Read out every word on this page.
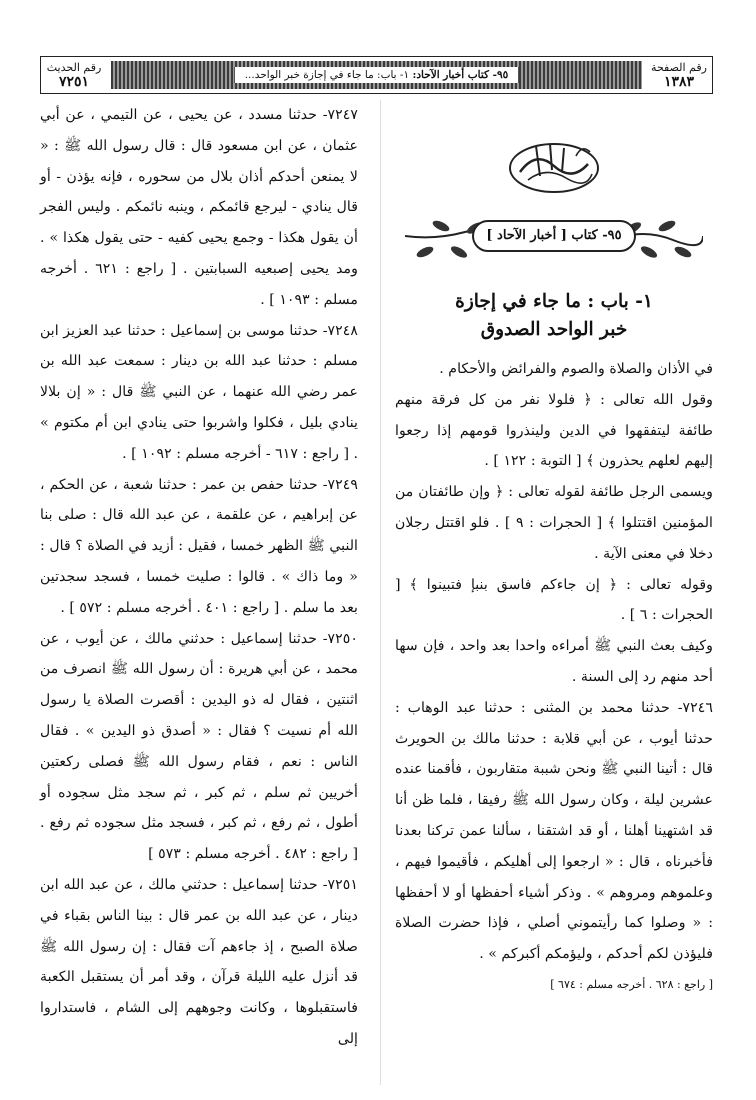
رقم الصفحة
١٣٨٣
٩٥- كتاب أخبار الآحاد: ١- باب: ما جاء في إجازة خبر الواحد...
رقم الحديث
٧٢٥١
٩٥- كتاب [ أخبار الآحاد ]
١- باب : ما جاء في إجازة
خبر الواحد الصدوق

في الأذان والصلاة والصوم والفرائض والأحكام .

وقول الله تعالى : ﴿ فلولا نفر من كل فرقة منهم طائفة ليتفقهوا في الدين ولينذروا قومهم إذا رجعوا إليهم لعلهم يحذرون ﴾ [ التوبة : ١٢٢ ] .

ويسمى الرجل طائفة لقوله تعالى : ﴿ وإن طائفتان من المؤمنين اقتتلوا ﴾ [ الحجرات : ٩ ] . فلو اقتتل رجلان دخلا في معنى الآية .

وقوله تعالى : ﴿ إن جاءكم فاسق بنبإ فتبينوا ﴾ [ الحجرات : ٦ ] .

وكيف بعث النبي ﷺ أمراءه واحدا بعد واحد ، فإن سها أحد منهم رد إلى السنة .

٧٢٤٦- حدثنا محمد بن المثنى : حدثنا عبد الوهاب : حدثنا أيوب ، عن أبي قلابة : حدثنا مالك بن الحويرث قال : أتينا النبي ﷺ ونحن شببة متقاربون ، فأقمنا عنده عشرين ليلة ، وكان رسول الله ﷺ رفيقا ، فلما ظن أنا قد اشتهينا أهلنا ، أو قد اشتقنا ، سألنا عمن تركنا بعدنا فأخبرناه ، قال : « ارجعوا إلى أهليكم ، فأقيموا فيهم ، وعلموهم ومروهم » . وذكر أشياء أحفظها أو لا أحفظها : « وصلوا كما رأيتموني أصلي ، فإذا حضرت الصلاة فليؤذن لكم أحدكم ، وليؤمكم أكبركم » .

[ راجع : ٦٢٨ . أخرجه مسلم : ٦٧٤ ]

٧٢٤٧- حدثنا مسدد ، عن يحيى ، عن التيمي ، عن أبي عثمان ، عن ابن مسعود قال : قال رسول الله ﷺ : « لا يمنعن أحدكم أذان بلال من سحوره ، فإنه يؤذن - أو قال ينادي - ليرجع قائمكم ، وينبه نائمكم . وليس الفجر أن يقول هكذا - وجمع يحيى كفيه - حتى يقول هكذا » . ومد يحيى إصبعيه السبابتين . [ راجع : ٦٢١ . أخرجه مسلم : ١٠٩٣ ] .

٧٢٤٨- حدثنا موسى بن إسماعيل : حدثنا عبد العزيز ابن مسلم : حدثنا عبد الله بن دينار : سمعت عبد الله بن عمر رضي الله عنهما ، عن النبي ﷺ قال : « إن بلالا ينادي بليل ، فكلوا واشربوا حتى ينادي ابن أم مكتوم » . [ راجع : ٦١٧ - أخرجه مسلم : ١٠٩٢ ] .

٧٢٤٩- حدثنا حفص بن عمر : حدثنا شعبة ، عن الحكم ، عن إبراهيم ، عن علقمة ، عن عبد الله قال : صلى بنا النبي ﷺ الظهر خمسا ، فقيل : أزيد في الصلاة ؟ قال : « وما ذاك » . قالوا : صليت خمسا ، فسجد سجدتين بعد ما سلم . [ راجع : ٤٠١ . أخرجه مسلم : ٥٧٢ ] .

٧٢٥٠- حدثنا إسماعيل : حدثني مالك ، عن أيوب ، عن محمد ، عن أبي هريرة : أن رسول الله ﷺ انصرف من اثنتين ، فقال له ذو اليدين : أقصرت الصلاة يا رسول الله أم نسيت ؟ فقال : « أصدق ذو اليدين » . فقال الناس : نعم ، فقام رسول الله ﷺ فصلى ركعتين أخريين ثم سلم ، ثم كبر ، ثم سجد مثل سجوده أو أطول ، ثم رفع ، ثم كبر ، فسجد مثل سجوده ثم رفع . [ راجع : ٤٨٢ . أخرجه مسلم : ٥٧٣ ]

٧٢٥١- حدثنا إسماعيل : حدثني مالك ، عن عبد الله ابن دينار ، عن عبد الله بن عمر قال : بينا الناس بقباء في صلاة الصبح ، إذ جاءهم آت فقال : إن رسول الله ﷺ قد أنزل عليه الليلة قرآن ، وقد أمر أن يستقبل الكعبة فاستقبلوها ، وكانت وجوههم إلى الشام ، فاستداروا إلى
